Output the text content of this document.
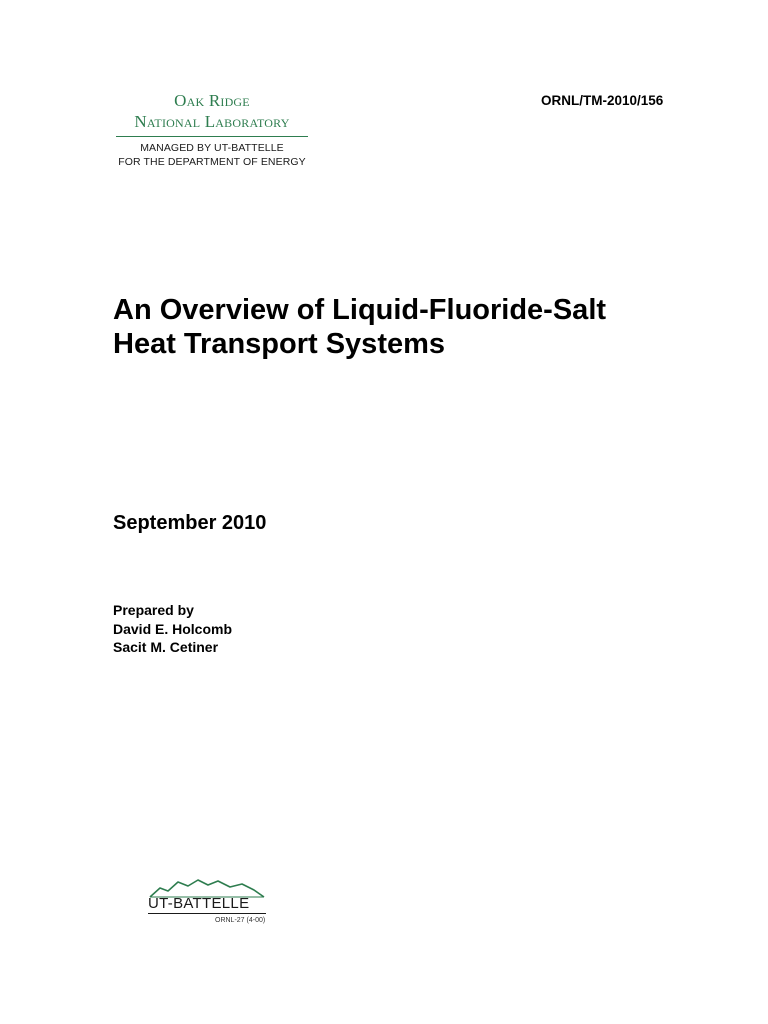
Oak Ridge
National Laboratory
MANAGED BY UT-BATTELLE
FOR THE DEPARTMENT OF ENERGY
ORNL/TM-2010/156
An Overview of Liquid-Fluoride-Salt
Heat Transport Systems
September 2010
Prepared by
David E. Holcomb
Sacit M. Cetiner
UT-BATTELLE
ORNL-27 (4-00)
